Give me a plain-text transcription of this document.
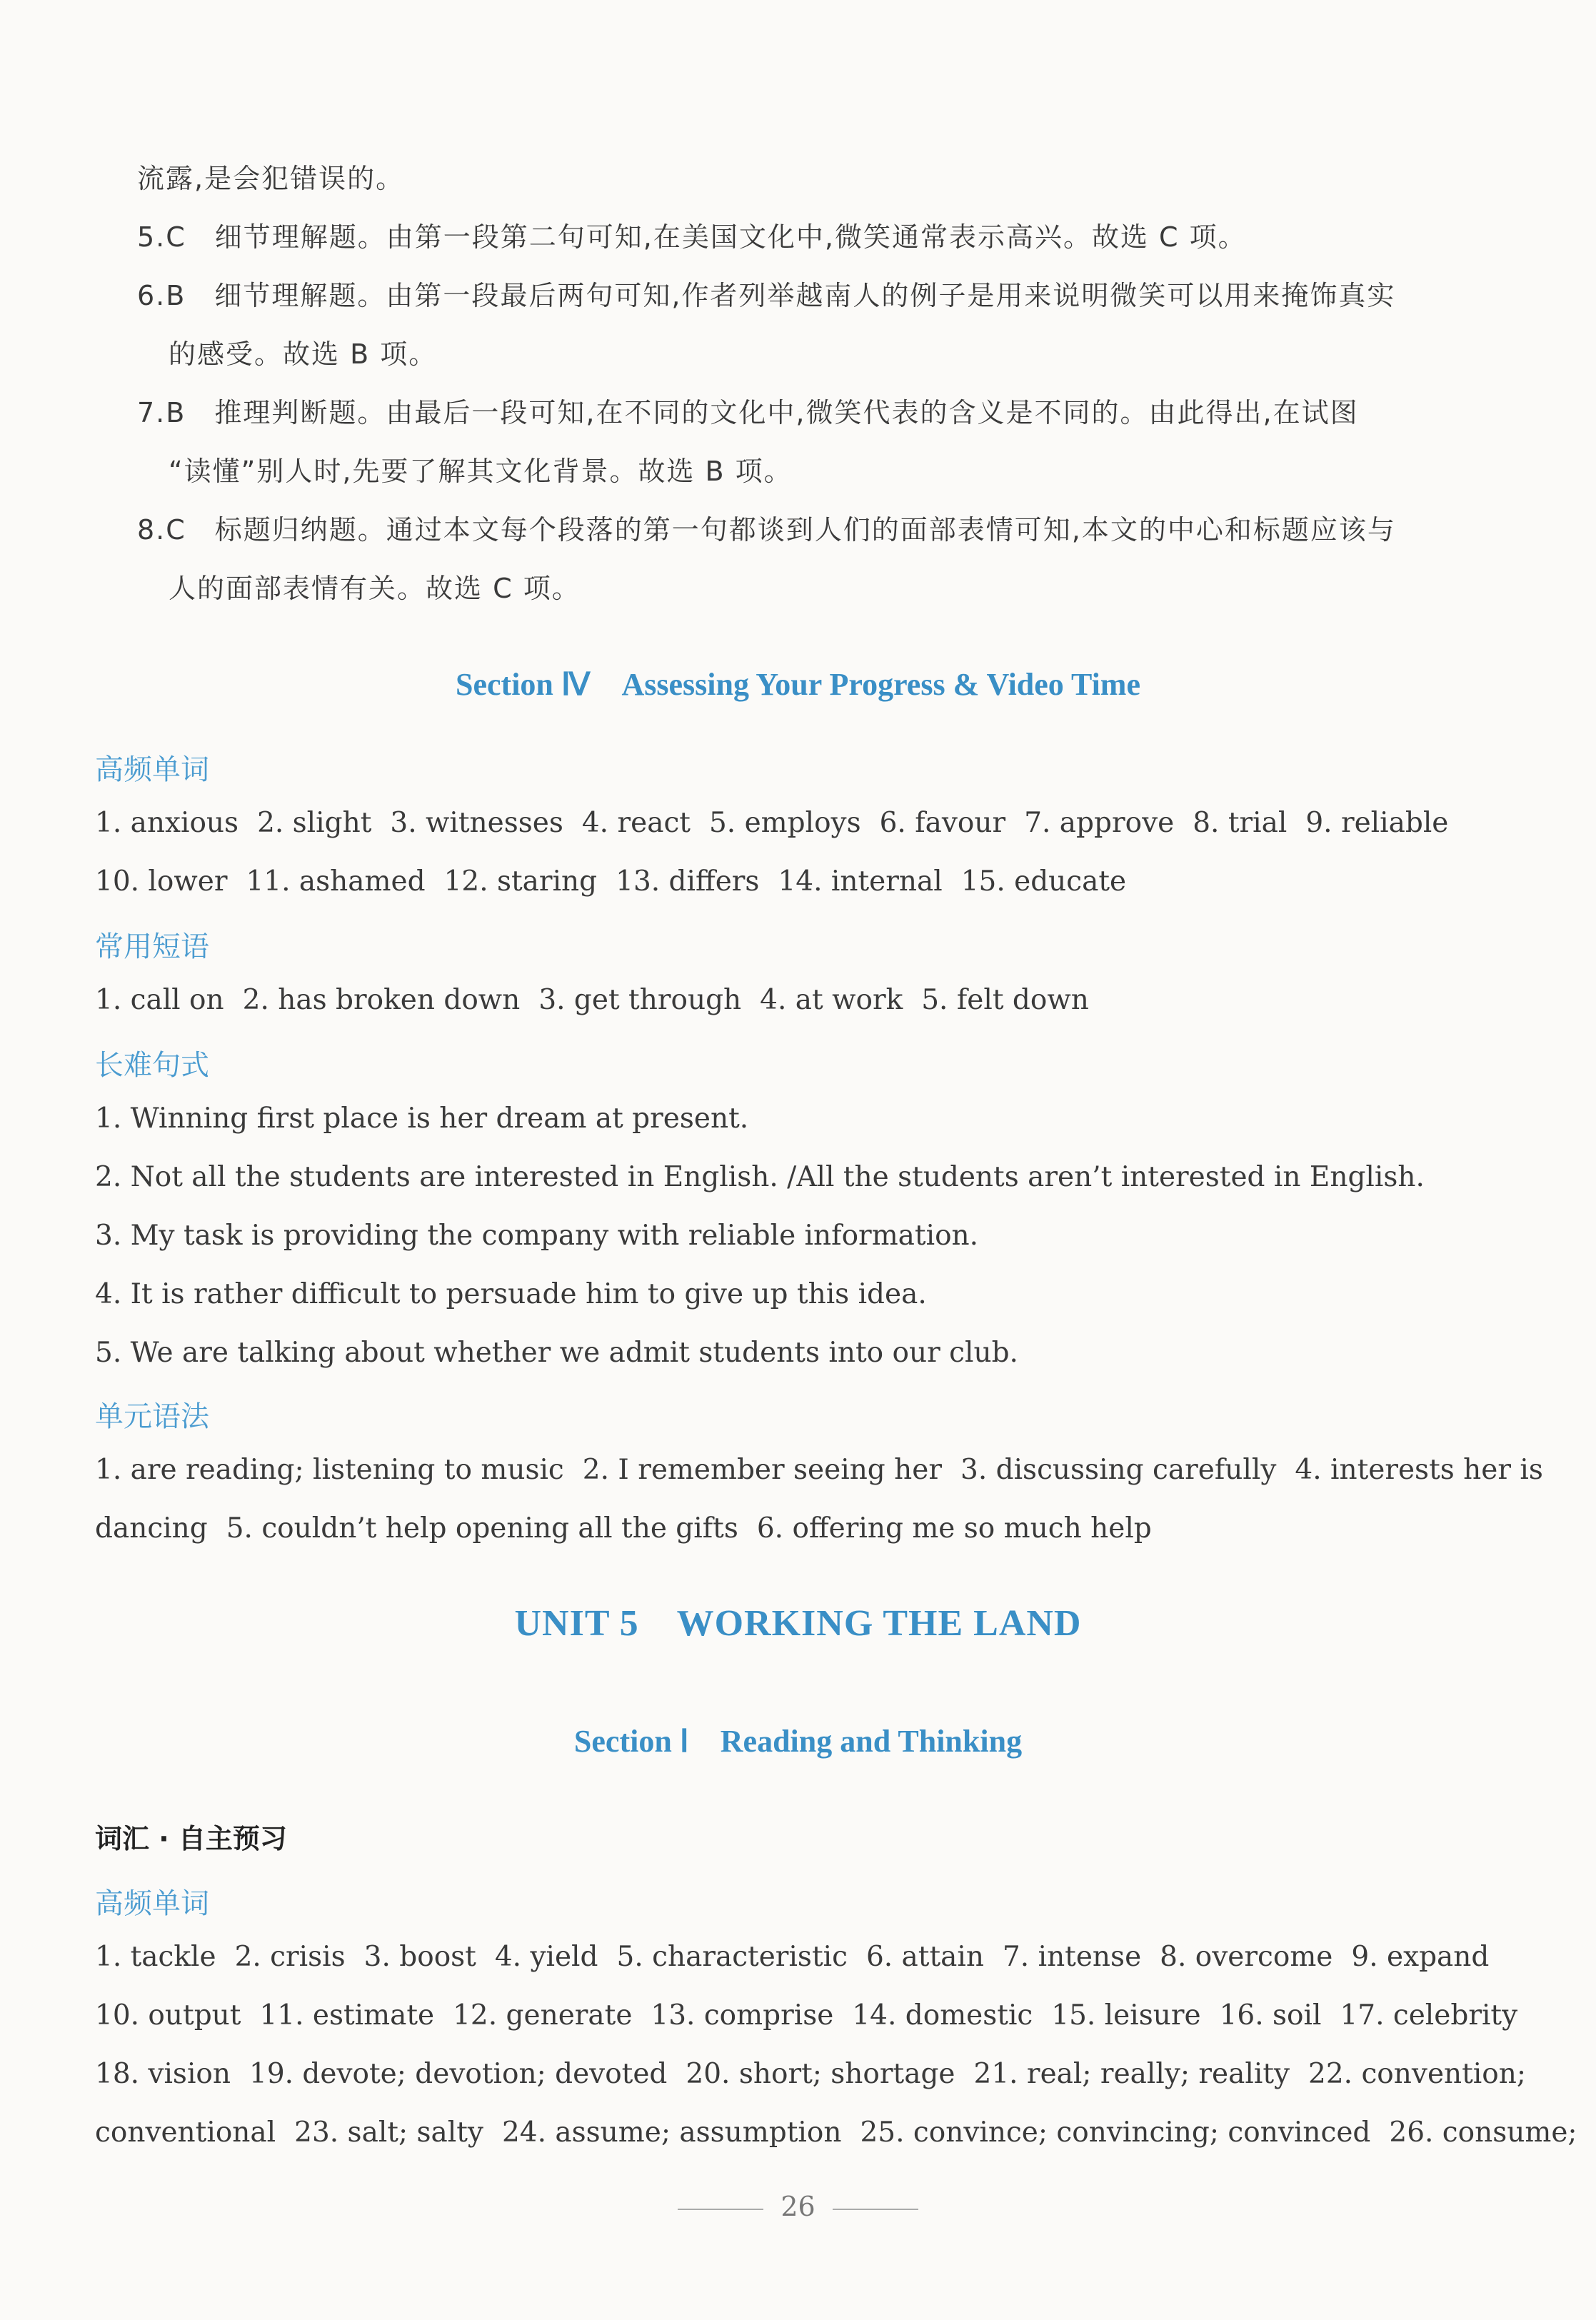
流露,是会犯错误的。
5.C　细节理解题。由第一段第二句可知,在美国文化中,微笑通常表示高兴。故选 C 项。
6.B　细节理解题。由第一段最后两句可知,作者列举越南人的例子是用来说明微笑可以用来掩饰真实
的感受。故选 B 项。
7.B　推理判断题。由最后一段可知,在不同的文化中,微笑代表的含义是不同的。由此得出,在试图
“读懂”别人时,先要了解其文化背景。故选 B 项。
8.C　标题归纳题。通过本文每个段落的第一句都谈到人们的面部表情可知,本文的中心和标题应该与
人的面部表情有关。故选 C 项。
Section Ⅳ　Assessing Your Progress & Video Time
高频单词
1. anxious 2. slight 3. witnesses 4. react 5. employs 6. favour 7. approve 8. trial 9. reliable
10. lower 11. ashamed 12. staring 13. differs 14. internal 15. educate
常用短语
1. call on 2. has broken down 3. get through 4. at work 5. felt down
长难句式
1. Winning first place is her dream at present.
2. Not all the students are interested in English. /All the students aren’t interested in English.
3. My task is providing the company with reliable information.
4. It is rather difficult to persuade him to give up this idea.
5. We are talking about whether we admit students into our club.
单元语法
1. are reading; listening to music 2. I remember seeing her 3. discussing carefully 4. interests her is
dancing 5. couldn’t help opening all the gifts 6. offering me so much help
UNIT 5　WORKING THE LAND
Section Ⅰ　Reading and Thinking
词汇 · 自主预习
高频单词
1. tackle 2. crisis 3. boost 4. yield 5. characteristic 6. attain 7. intense 8. overcome 9. expand
10. output 11. estimate 12. generate 13. comprise 14. domestic 15. leisure 16. soil 17. celebrity
18. vision 19. devote; devotion; devoted 20. short; shortage 21. real; really; reality 22. convention;
conventional 23. salt; salty 24. assume; assumption 25. convince; convincing; convinced 26. consume;
26
